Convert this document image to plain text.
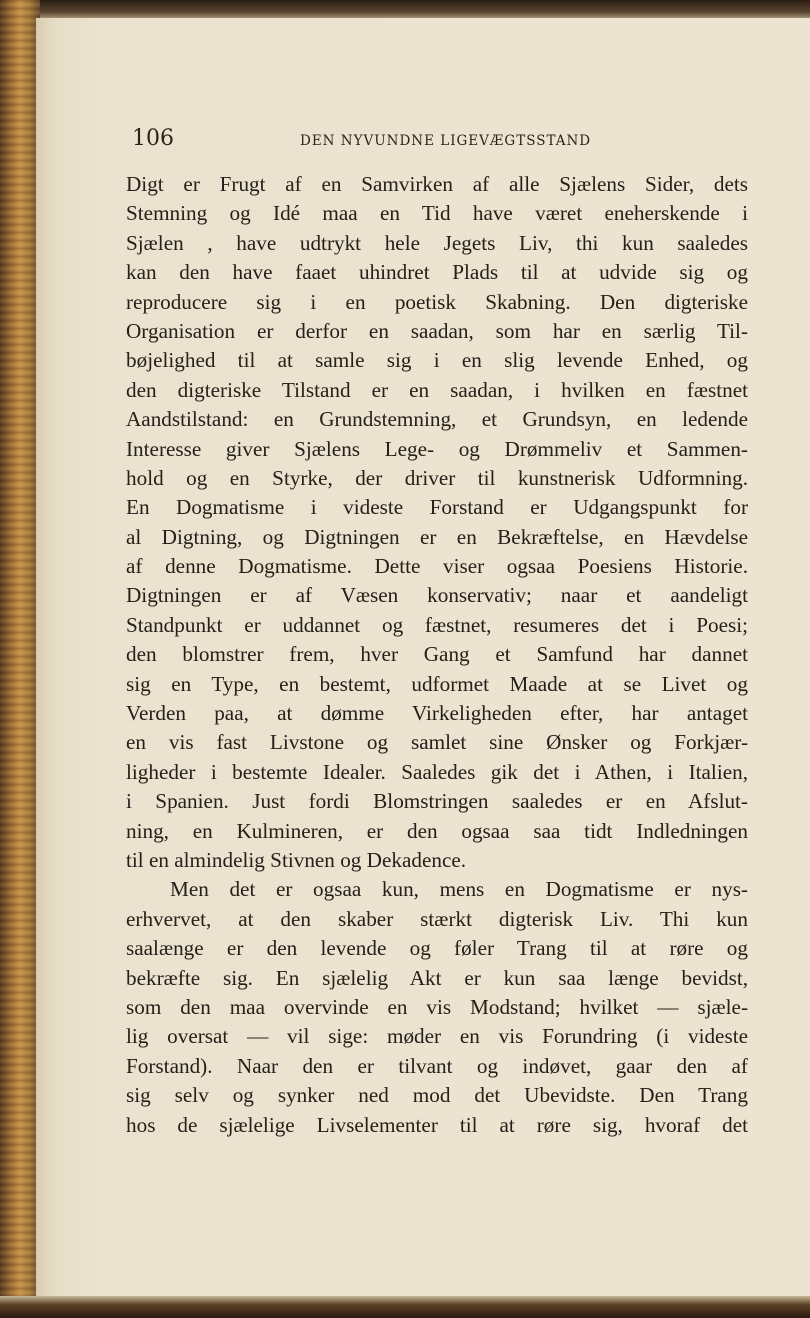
106	DEN NYVUNDNE LIGEVÆGTSSTAND
Digt er Frugt af en Samvirken af alle Sjælens Sider, dets
Stemning og Idé maa en Tid have været eneherskende i
Sjælen , have udtrykt hele Jegets Liv, thi kun saaledes
kan den have faaet uhindret Plads til at udvide sig og
reproducere sig i en poetisk Skabning. Den digteriske
Organisation er derfor en saadan, som har en særlig Til-
bøjelighed til at samle sig i en slig levende Enhed, og
den digteriske Tilstand er en saadan, i hvilken en fæstnet
Aandstilstand: en Grundstemning, et Grundsyn, en ledende
Interesse giver Sjælens Lege- og Drømmeliv et Sammen-
hold og en Styrke, der driver til kunstnerisk Udformning.
En Dogmatisme i videste Forstand er Udgangspunkt for
al Digtning, og Digtningen er en Bekræftelse, en Hævdelse
af denne Dogmatisme. Dette viser ogsaa Poesiens Historie.
Digtningen er af Væsen konservativ; naar et aandeligt
Standpunkt er uddannet og fæstnet, resumeres det i Poesi;
den blomstrer frem, hver Gang et Samfund har dannet
sig en Type, en bestemt, udformet Maade at se Livet og
Verden paa, at dømme Virkeligheden efter, har antaget
en vis fast Livstone og samlet sine Ønsker og Forkjær-
ligheder i bestemte Idealer. Saaledes gik det i Athen, i Italien,
i Spanien. Just fordi Blomstringen saaledes er en Afslut-
ning, en Kulmineren, er den ogsaa saa tidt Indledningen
til en almindelig Stivnen og Dekadence.
Men det er ogsaa kun, mens en Dogmatisme er nys-
erhvervet, at den skaber stærkt digterisk Liv. Thi kun
saalænge er den levende og føler Trang til at røre og
bekræfte sig. En sjælelig Akt er kun saa længe bevidst,
som den maa overvinde en vis Modstand; hvilket — sjæle-
lig oversat — vil sige: møder en vis Forundring (i videste
Forstand). Naar den er tilvant og indøvet, gaar den af
sig selv og synker ned mod det Ubevidste. Den Trang
hos de sjælelige Livselementer til at røre sig, hvoraf det
